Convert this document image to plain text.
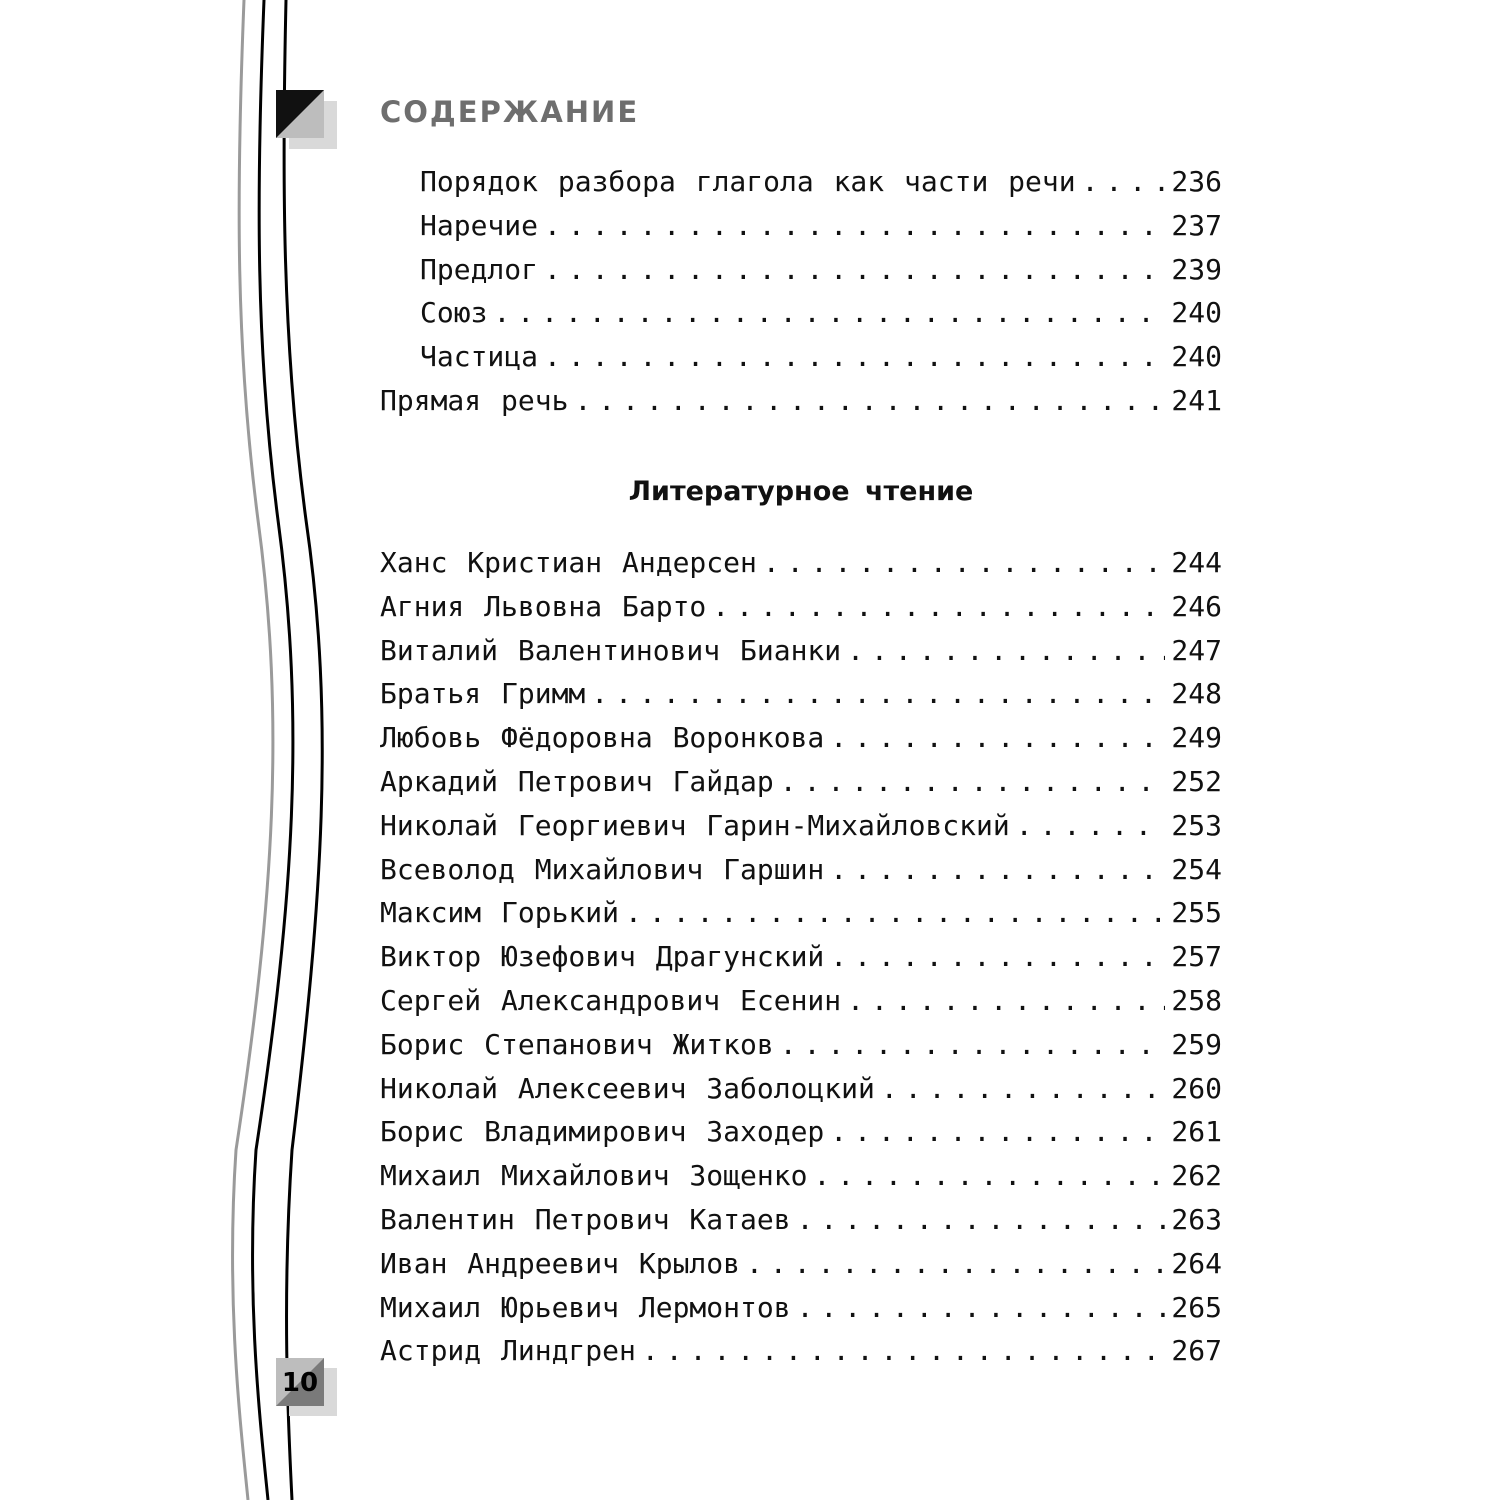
СОДЕРЖАНИЕ
Порядок разбора глагола как части речи .....	236
Наречие .....	237
Предлог .....	239
Союз .....	240
Частица .....	240
Прямая речь .....	241
Литературное чтение
Ханс Кристиан Андерсен .....	244
Агния Львовна Барто .....	246
Виталий Валентинович Бианки .....	247
Братья Гримм .....	248
Любовь Фёдоровна Воронкова .....	249
Аркадий Петрович Гайдар .....	252
Николай Георгиевич Гарин-Михайловский .....	253
Всеволод Михайлович Гаршин .....	254
Максим Горький .....	255
Виктор Юзефович Драгунский .....	257
Сергей Александрович Есенин .....	258
Борис Степанович Житков .....	259
Николай Алексеевич Заболоцкий .....	260
Борис Владимирович Заходер .....	261
Михаил Михайлович Зощенко .....	262
Валентин Петрович Катаев .....	263
Иван Андреевич Крылов .....	264
Михаил Юрьевич Лермонтов .....	265
Астрид Линдгрен .....	267
10
